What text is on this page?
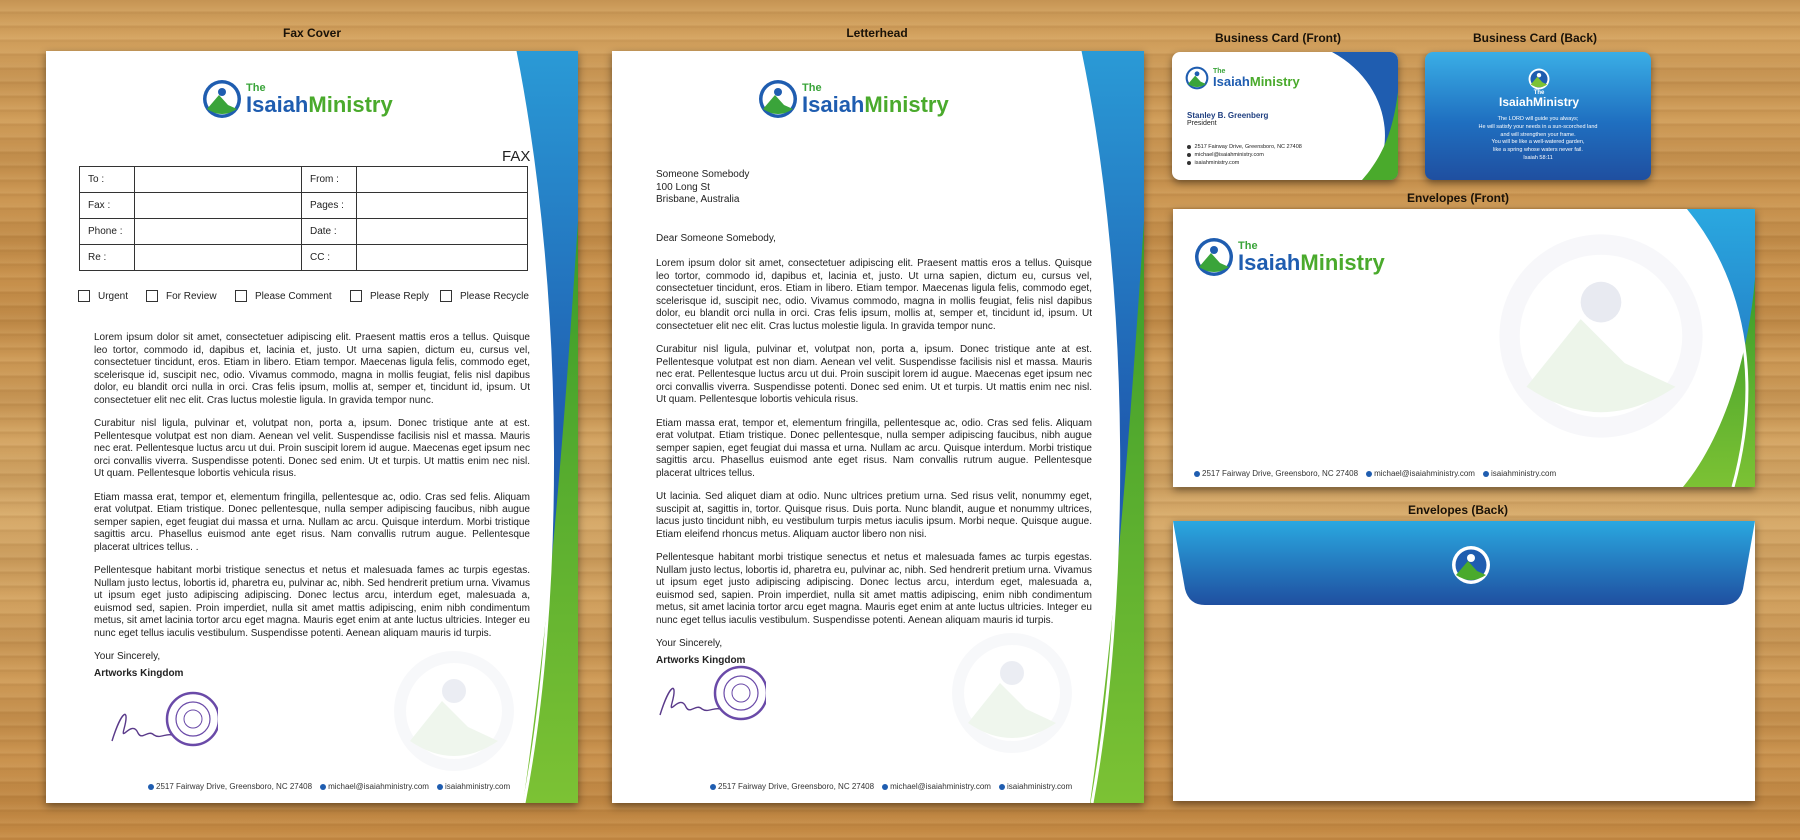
Fax Cover	Letterhead	Business Card (Front)	Business Card (Back)
Envelopes (Front)
Envelopes (Back)
The
IsaiahMinistry
FAX
To :		From :	
Fax :		Pages :	
Phone :		Date :	
Re :		CC :	
Urgent	For Review	Please Comment	Please Reply	Please Recycle

Lorem ipsum dolor sit amet, consectetuer adipiscing elit. Praesent mattis eros a tellus. Quisque leo tortor, commodo id, dapibus et, lacinia et, justo. Ut urna sapien, dictum eu, cursus vel, consectetuer tincidunt, eros. Etiam in libero. Etiam tempor. Maecenas ligula felis, commodo eget, scelerisque id, suscipit nec, odio. Vivamus commodo, magna in mollis feugiat, felis nisl dapibus dolor, eu blandit orci nulla in orci. Cras felis ipsum, mollis at, semper et, tincidunt id, ipsum. Ut consectetuer elit nec elit. Cras luctus molestie ligula. In gravida tempor nunc.

Curabitur nisl ligula, pulvinar et, volutpat non, porta a, ipsum. Donec tristique ante at est. Pellentesque volutpat est non diam. Aenean vel velit. Suspendisse facilisis nisl et massa. Mauris nec erat. Pellentesque luctus arcu ut dui. Proin suscipit lorem id augue. Maecenas eget ipsum nec orci convallis viverra. Suspendisse potenti. Donec sed enim. Ut et turpis. Ut mattis enim nec nisl. Ut quam. Pellentesque lobortis vehicula risus.

Etiam massa erat, tempor et, elementum fringilla, pellentesque ac, odio. Cras sed felis. Aliquam erat volutpat. Etiam tristique. Donec pellentesque, nulla semper adipiscing faucibus, nibh augue semper sapien, eget feugiat dui massa et urna. Nullam ac arcu. Quisque interdum. Morbi tristique sagittis arcu. Phasellus euismod ante eget risus. Nam convallis rutrum augue. Pellentesque placerat ultrices tellus. .

Pellentesque habitant morbi tristique senectus et netus et malesuada fames ac turpis egestas. Nullam justo lectus, lobortis id, pharetra eu, pulvinar ac, nibh. Sed hendrerit pretium urna. Vivamus ut ipsum eget justo adipiscing adipiscing. Donec lectus arcu, interdum eget, malesuada a, euismod sed, sapien. Proin imperdiet, nulla sit amet mattis adipiscing, enim nibh condimentum metus, sit amet lacinia tortor arcu eget magna. Mauris eget enim at ante luctus ultricies. Integer eu nunc eget tellus iaculis vestibulum. Suspendisse potenti. Aenean aliquam mauris id turpis.

Your Sincerely,
Artworks Kingdom
2517 Fairway Drive, Greensboro, NC 27408	michael@isaiahministry.com	isaiahministry.com
The
IsaiahMinistry
Someone Somebody
100 Long St
Brisbane, Australia
Dear Someone Somebody,

Lorem ipsum dolor sit amet, consectetuer adipiscing elit. Praesent mattis eros a tellus. Quisque leo tortor, commodo id, dapibus et, lacinia et, justo. Ut urna sapien, dictum eu, cursus vel, consectetuer tincidunt, eros. Etiam in libero. Etiam tempor. Maecenas ligula felis, commodo eget, scelerisque id, suscipit nec, odio. Vivamus commodo, magna in mollis feugiat, felis nisl dapibus dolor, eu blandit orci nulla in orci. Cras felis ipsum, mollis at, semper et, tincidunt id, ipsum. Ut consectetuer elit nec elit. Cras luctus molestie ligula. In gravida tempor nunc.

Curabitur nisl ligula, pulvinar et, volutpat non, porta a, ipsum. Donec tristique ante at est. Pellentesque volutpat est non diam. Aenean vel velit. Suspendisse facilisis nisl et massa. Mauris nec erat. Pellentesque luctus arcu ut dui. Proin suscipit lorem id augue. Maecenas eget ipsum nec orci convallis viverra. Suspendisse potenti. Donec sed enim. Ut et turpis. Ut mattis enim nec nisl. Ut quam. Pellentesque lobortis vehicula risus.

Etiam massa erat, tempor et, elementum fringilla, pellentesque ac, odio. Cras sed felis. Aliquam erat volutpat. Etiam tristique. Donec pellentesque, nulla semper adipiscing faucibus, nibh augue semper sapien, eget feugiat dui massa et urna. Nullam ac arcu. Quisque interdum. Morbi tristique sagittis arcu. Phasellus euismod ante eget risus. Nam convallis rutrum augue. Pellentesque placerat ultrices tellus.

Ut lacinia. Sed aliquet diam at odio. Nunc ultrices pretium urna. Sed risus velit, nonummy eget, suscipit at, sagittis in, tortor. Quisque risus. Duis porta. Nunc blandit, augue et nonummy ultrices, lacus justo tincidunt nibh, eu vestibulum turpis metus iaculis ipsum. Morbi neque. Quisque augue. Etiam eleifend rhoncus metus. Aliquam auctor libero non nisi.

Pellentesque habitant morbi tristique senectus et netus et malesuada fames ac turpis egestas. Nullam justo lectus, lobortis id, pharetra eu, pulvinar ac, nibh. Sed hendrerit pretium urna. Vivamus ut ipsum eget justo adipiscing adipiscing. Donec lectus arcu, interdum eget, malesuada a, euismod sed, sapien. Proin imperdiet, nulla sit amet mattis adipiscing, enim nibh condimentum metus, sit amet lacinia tortor arcu eget magna. Mauris eget enim at ante luctus ultricies. Integer eu nunc eget tellus iaculis vestibulum. Suspendisse potenti. Aenean aliquam mauris id turpis.

Your Sincerely,
Artworks Kingdom
2517 Fairway Drive, Greensboro, NC 27408	michael@isaiahministry.com	isaiahministry.com
The
IsaiahMinistry
Stanley B. Greenberg
President
2517 Fairway Drive, Greensboro, NC 27408
michael@isaiahministry.com
isaiahministry.com
The
IsaiahMinistry
The LORD will guide you always;
He will satisfy your needs in a sun-scorched land
and will strengthen your frame.
You will be like a well-watered garden,
like a spring whose waters never fail.
Isaiah 58:11
The
IsaiahMinistry
2517 Fairway Drive, Greensboro, NC 27408	michael@isaiahministry.com	isaiahministry.com
